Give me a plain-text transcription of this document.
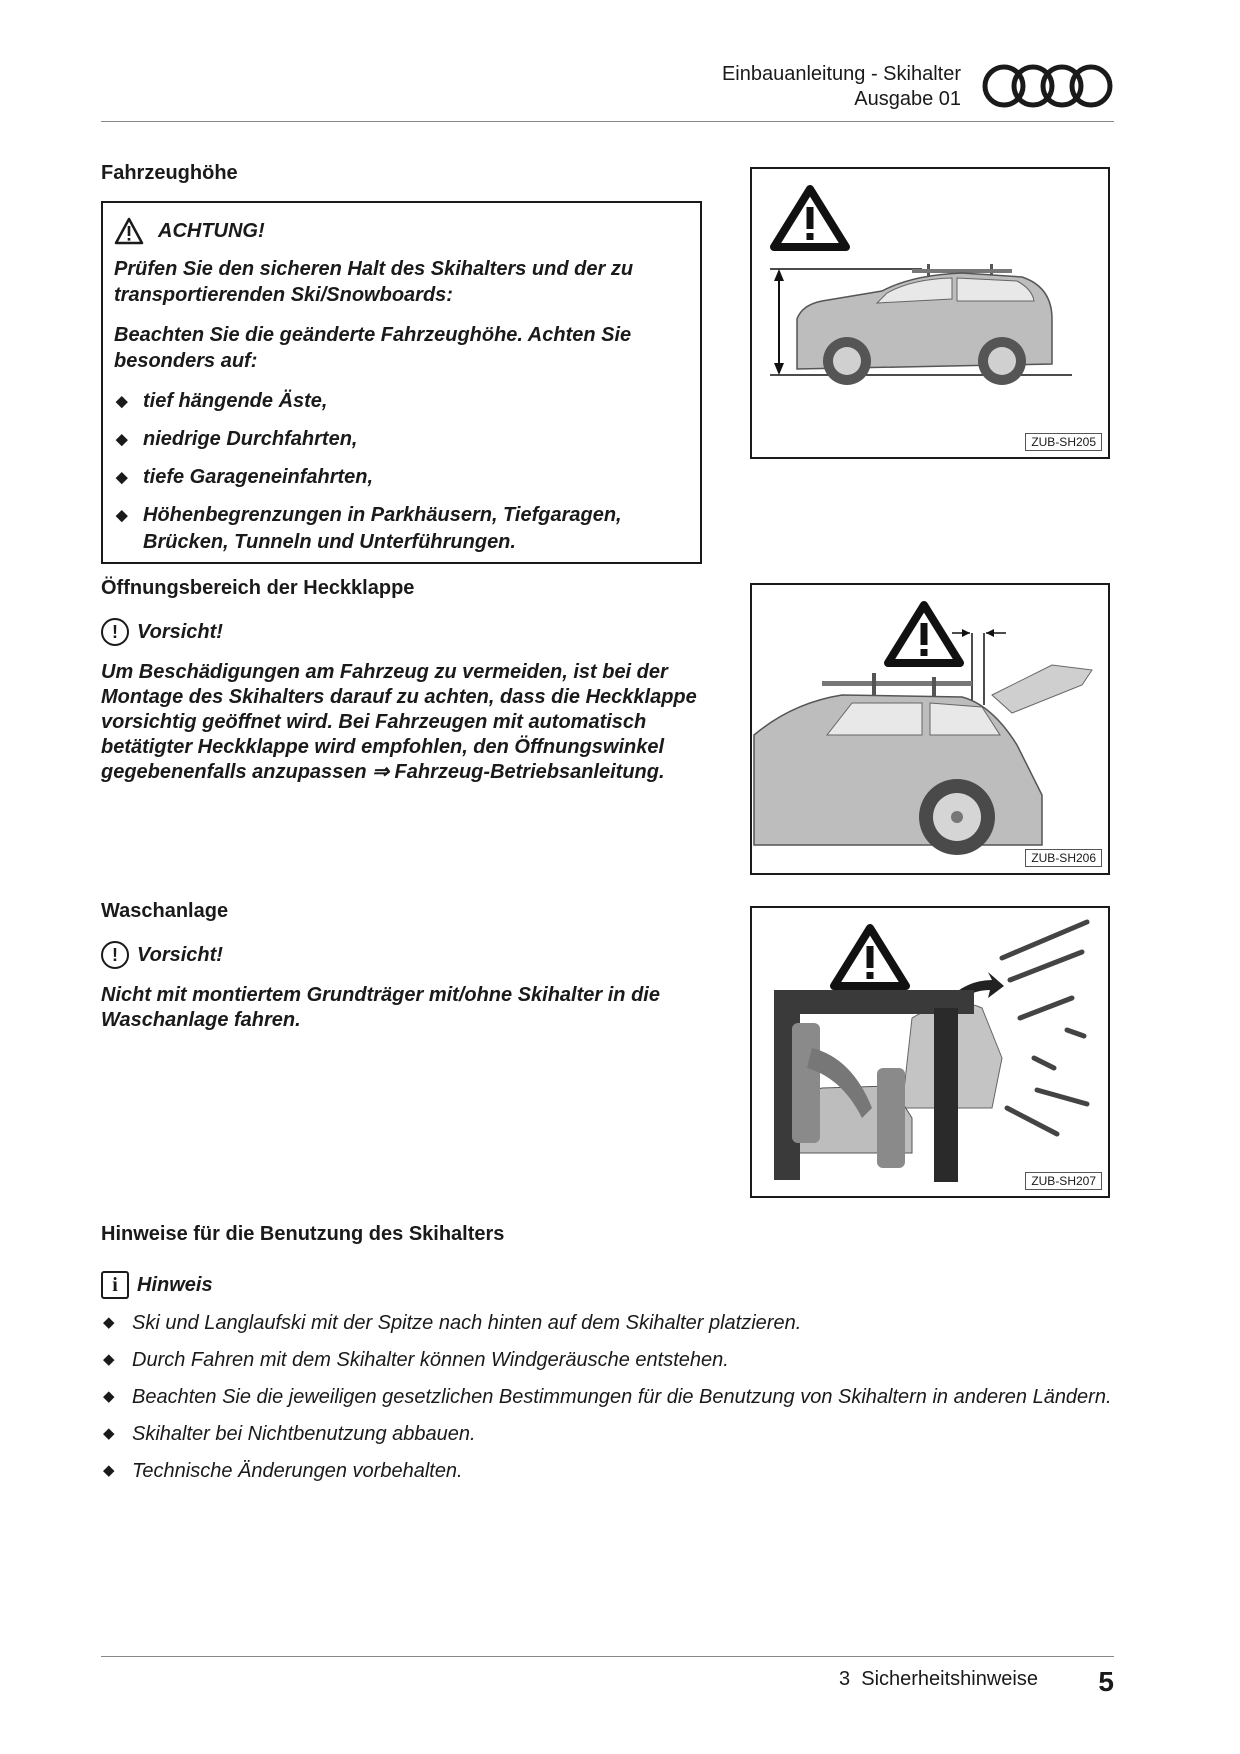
Einbauanleitung - Skihalter
Ausgabe 01
Fahrzeughöhe
ACHTUNG!

Prüfen Sie den sicheren Halt des Skihalters und der zu transportierenden Ski/Snowboards:

Beachten Sie die geänderte Fahrzeughöhe. Achten Sie besonders auf:

◆ tief hängende Äste,
◆ niedrige Durchfahrten,
◆ tiefe Garageneinfahrten,
◆ Höhenbegrenzungen in Parkhäusern, Tiefgaragen, Brücken, Tunneln und Unterführungen.
ZUB-SH205
Öffnungsbereich der Heckklappe
! Vorsicht!
Um Beschädigungen am Fahrzeug zu vermeiden, ist bei der Montage des Skihalters darauf zu achten, dass die Heckklappe vorsichtig geöffnet wird. Bei Fahrzeugen mit automatisch betätigter Heckklappe wird empfohlen, den Öffnungswinkel gegebenenfalls anzupassen ⇒ Fahrzeug-Betriebsanleitung.
ZUB-SH206
Waschanlage
! Vorsicht!
Nicht mit montiertem Grundträger mit/ohne Skihalter in die Waschanlage fahren.
ZUB-SH207
Hinweise für die Benutzung des Skihalters
i Hinweis
◆ Ski und Langlaufski mit der Spitze nach hinten auf dem Skihalter platzieren.
◆ Durch Fahren mit dem Skihalter können Windgeräusche entstehen.
◆ Beachten Sie die jeweiligen gesetzlichen Bestimmungen für die Benutzung von Skihaltern in anderen Ländern.
◆ Skihalter bei Nichtbenutzung abbauen.
◆ Technische Änderungen vorbehalten.
3  Sicherheitshinweise 5
